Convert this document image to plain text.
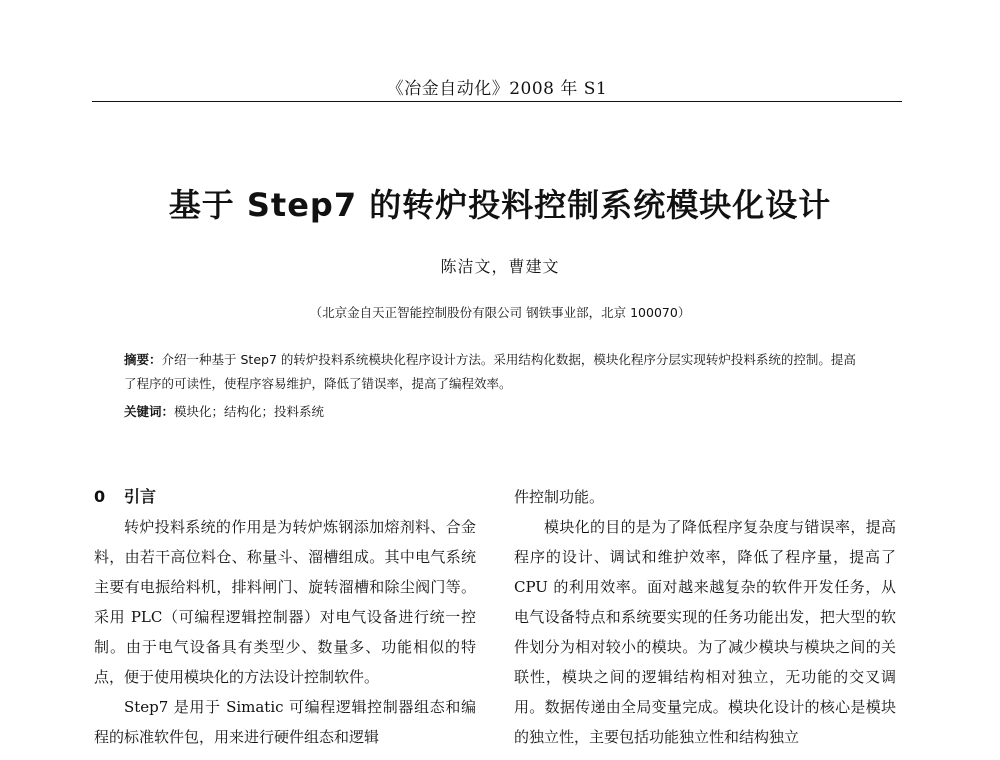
《冶金自动化》2008 年 S1
基于 Step7 的转炉投料控制系统模块化设计
陈洁文，曹建文
（北京金自天正智能控制股份有限公司 钢铁事业部，北京 100070）
摘要：介绍一种基于 Step7 的转炉投料系统模块化程序设计方法。采用结构化数据，模块化程序分层实现转炉投料系统的控制。提高了程序的可读性，使程序容易维护，降低了错误率，提高了编程效率。
关键词：模块化；结构化；投料系统
0 引言

转炉投料系统的作用是为转炉炼钢添加熔剂料、合金料，由若干高位料仓、称量斗、溜槽组成。其中电气系统主要有电振给料机，排料闸门、旋转溜槽和除尘阀门等。采用 PLC（可编程逻辑控制器）对电气设备进行统一控制。由于电气设备具有类型少、数量多、功能相似的特点，便于使用模块化的方法设计控制软件。

Step7 是用于 Simatic 可编程逻辑控制器组态和编程的标准软件包，用来进行硬件组态和逻辑

件控制功能。

模块化的目的是为了降低程序复杂度与错误率，提高程序的设计、调试和维护效率，降低了程序量，提高了 CPU 的利用效率。面对越来越复杂的软件开发任务，从电气设备特点和系统要实现的任务功能出发，把大型的软件划分为相对较小的模块。为了减少模块与模块之间的关联性，模块之间的逻辑结构相对独立，无功能的交叉调用。数据传递由全局变量完成。模块化设计的核心是模块的独立性，主要包括功能独立性和结构独立
